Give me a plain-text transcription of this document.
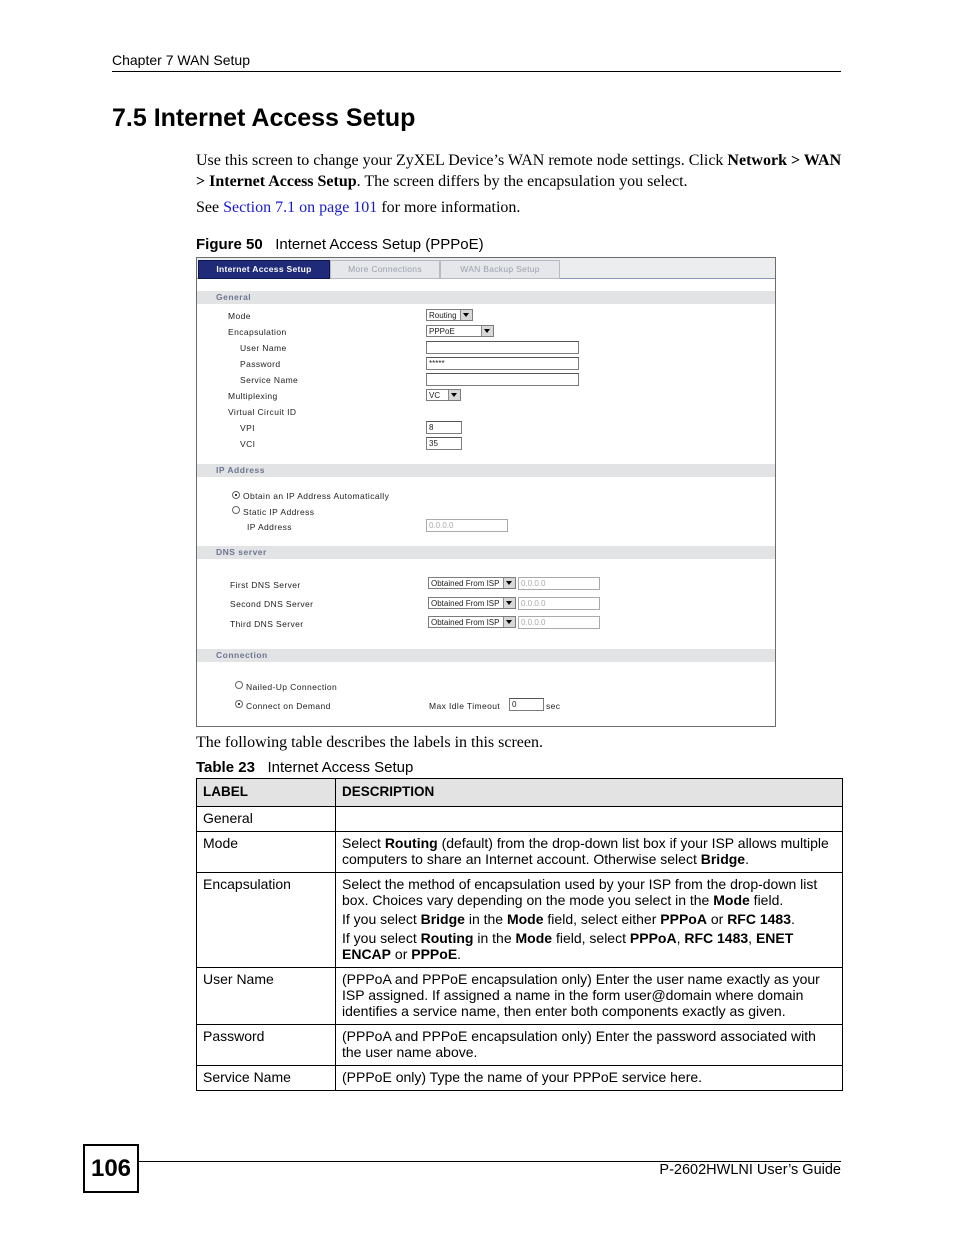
Chapter 7 WAN Setup
7.5 Internet Access Setup
Use this screen to change your ZyXEL Device’s WAN remote node settings. Click Network > WAN > Internet Access Setup. The screen differs by the encapsulation you select.
See Section 7.1 on page 101 for more information.
Figure 50 Internet Access Setup (PPPoE)
Internet Access Setup	More Connections	WAN Backup Setup
General
Mode	Routing
Encapsulation	PPPoE
User Name
Password	*****
Service Name
Multiplexing	VC
Virtual Circuit ID
VPI	8
VCI	35
IP Address
Obtain an IP Address Automatically
Static IP Address
IP Address	0.0.0.0
DNS server
First DNS Server	Obtained From ISP	0.0.0.0
Second DNS Server	Obtained From ISP	0.0.0.0
Third DNS Server	Obtained From ISP	0.0.0.0
Connection
Nailed-Up Connection
Connect on Demand	Max Idle Timeout	0	sec
The following table describes the labels in this screen.
Table 23 Internet Access Setup
LABEL	DESCRIPTION
General	
Mode	Select Routing (default) from the drop-down list box if your ISP allows multiple computers to share an Internet account. Otherwise select Bridge.
Encapsulation	Select the method of encapsulation used by your ISP from the drop-down list box. Choices vary depending on the mode you select in the Mode field.

If you select Bridge in the Mode field, select either PPPoA or RFC 1483.

If you select Routing in the Mode field, select PPPoA, RFC 1483, ENET ENCAP or PPPoE.

User Name	(PPPoA and PPPoE encapsulation only) Enter the user name exactly as your ISP assigned. If assigned a name in the form user@domain where domain identifies a service name, then enter both components exactly as given.
Password	(PPPoA and PPPoE encapsulation only) Enter the password associated with the user name above.
Service Name	(PPPoE only) Type the name of your PPPoE service here.
106	P-2602HWLNI User’s Guide
